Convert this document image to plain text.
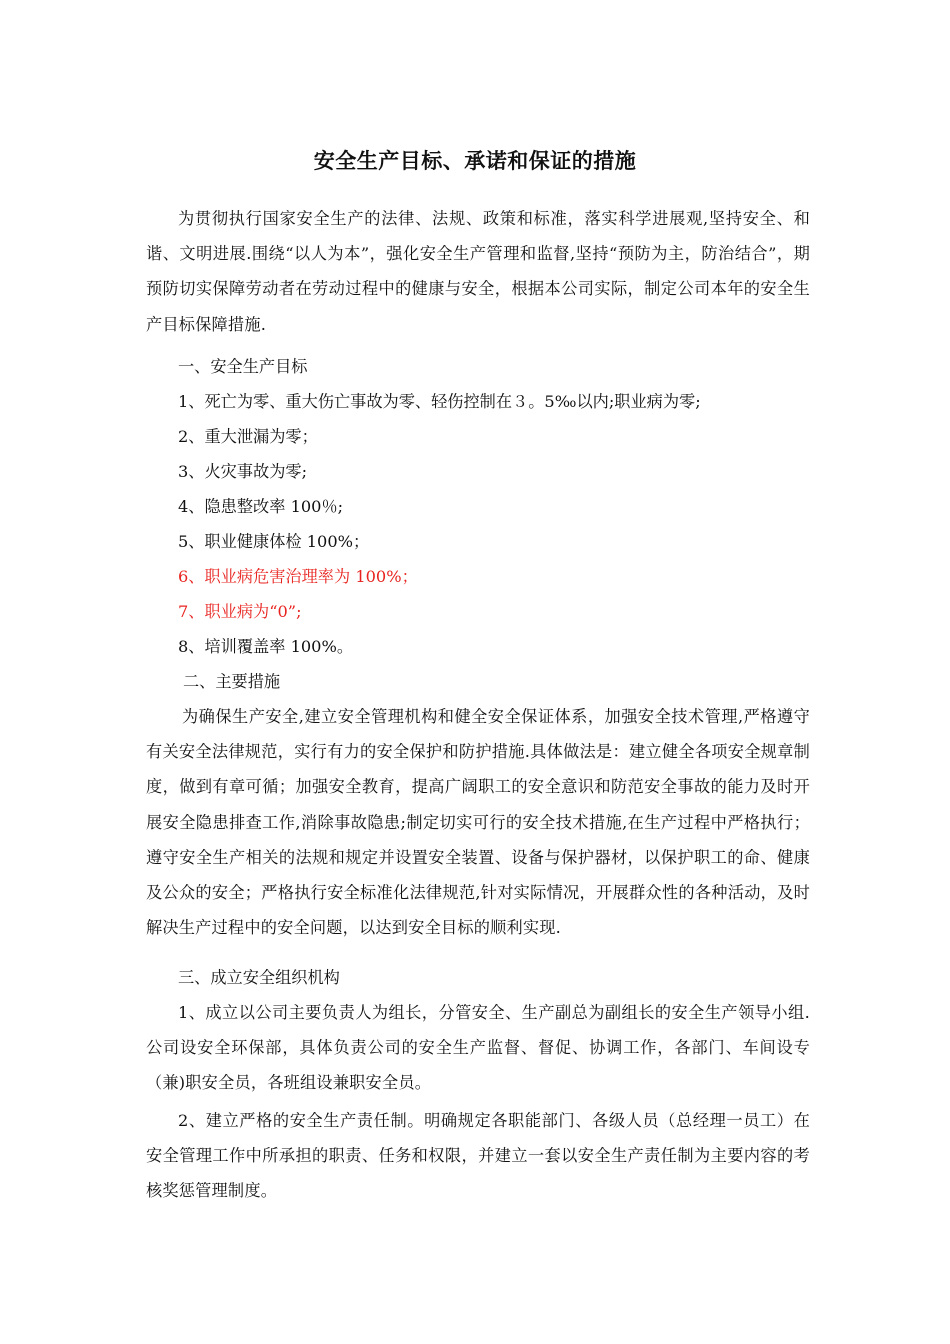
安全生产目标、承诺和保证的措施

为贯彻执行国家安全生产的法律、法规、政策和标准，落实科学进展观,坚持安全、和谐、文明进展.围绕“以人为本”，强化安全生产管理和监督,坚持“预防为主，防治结合”，期预防切实保障劳动者在劳动过程中的健康与安全，根据本公司实际，制定公司本年的安全生产目标保障措施.

一、安全生产目标

1、死亡为零、重大伤亡事故为零、轻伤控制在３。5‰以内;职业病为零;

2、重大泄漏为零；

3、火灾事故为零;

4、隐患整改率 100％;

5、职业健康体检 100%；

6、职业病危害治理率为 100%；

7、职业病为“0”;

8、培训覆盖率 100%。

二、主要措施

为确保生产安全,建立安全管理机构和健全安全保证体系，加强安全技术管理,严格遵守有关安全法律规范，实行有力的安全保护和防护措施.具体做法是：建立健全各项安全规章制度，做到有章可循；加强安全教育，提高广阔职工的安全意识和防范安全事故的能力及时开展安全隐患排查工作,消除事故隐患;制定切实可行的安全技术措施,在生产过程中严格执行；遵守安全生产相关的法规和规定并设置安全装置、设备与保护器材，以保护职工的命、健康及公众的安全；严格执行安全标准化法律规范,针对实际情况，开展群众性的各种活动，及时解决生产过程中的安全问题，以达到安全目标的顺利实现.

三、成立安全组织机构

1、成立以公司主要负责人为组长，分管安全、生产副总为副组长的安全生产领导小组.公司设安全环保部，具体负责公司的安全生产监督、督促、协调工作，各部门、车间设专（兼)职安全员，各班组设兼职安全员。

2、建立严格的安全生产责任制。明确规定各职能部门、各级人员（总经理一员工）在安全管理工作中所承担的职责、任务和权限，并建立一套以安全生产责任制为主要内容的考核奖惩管理制度。
